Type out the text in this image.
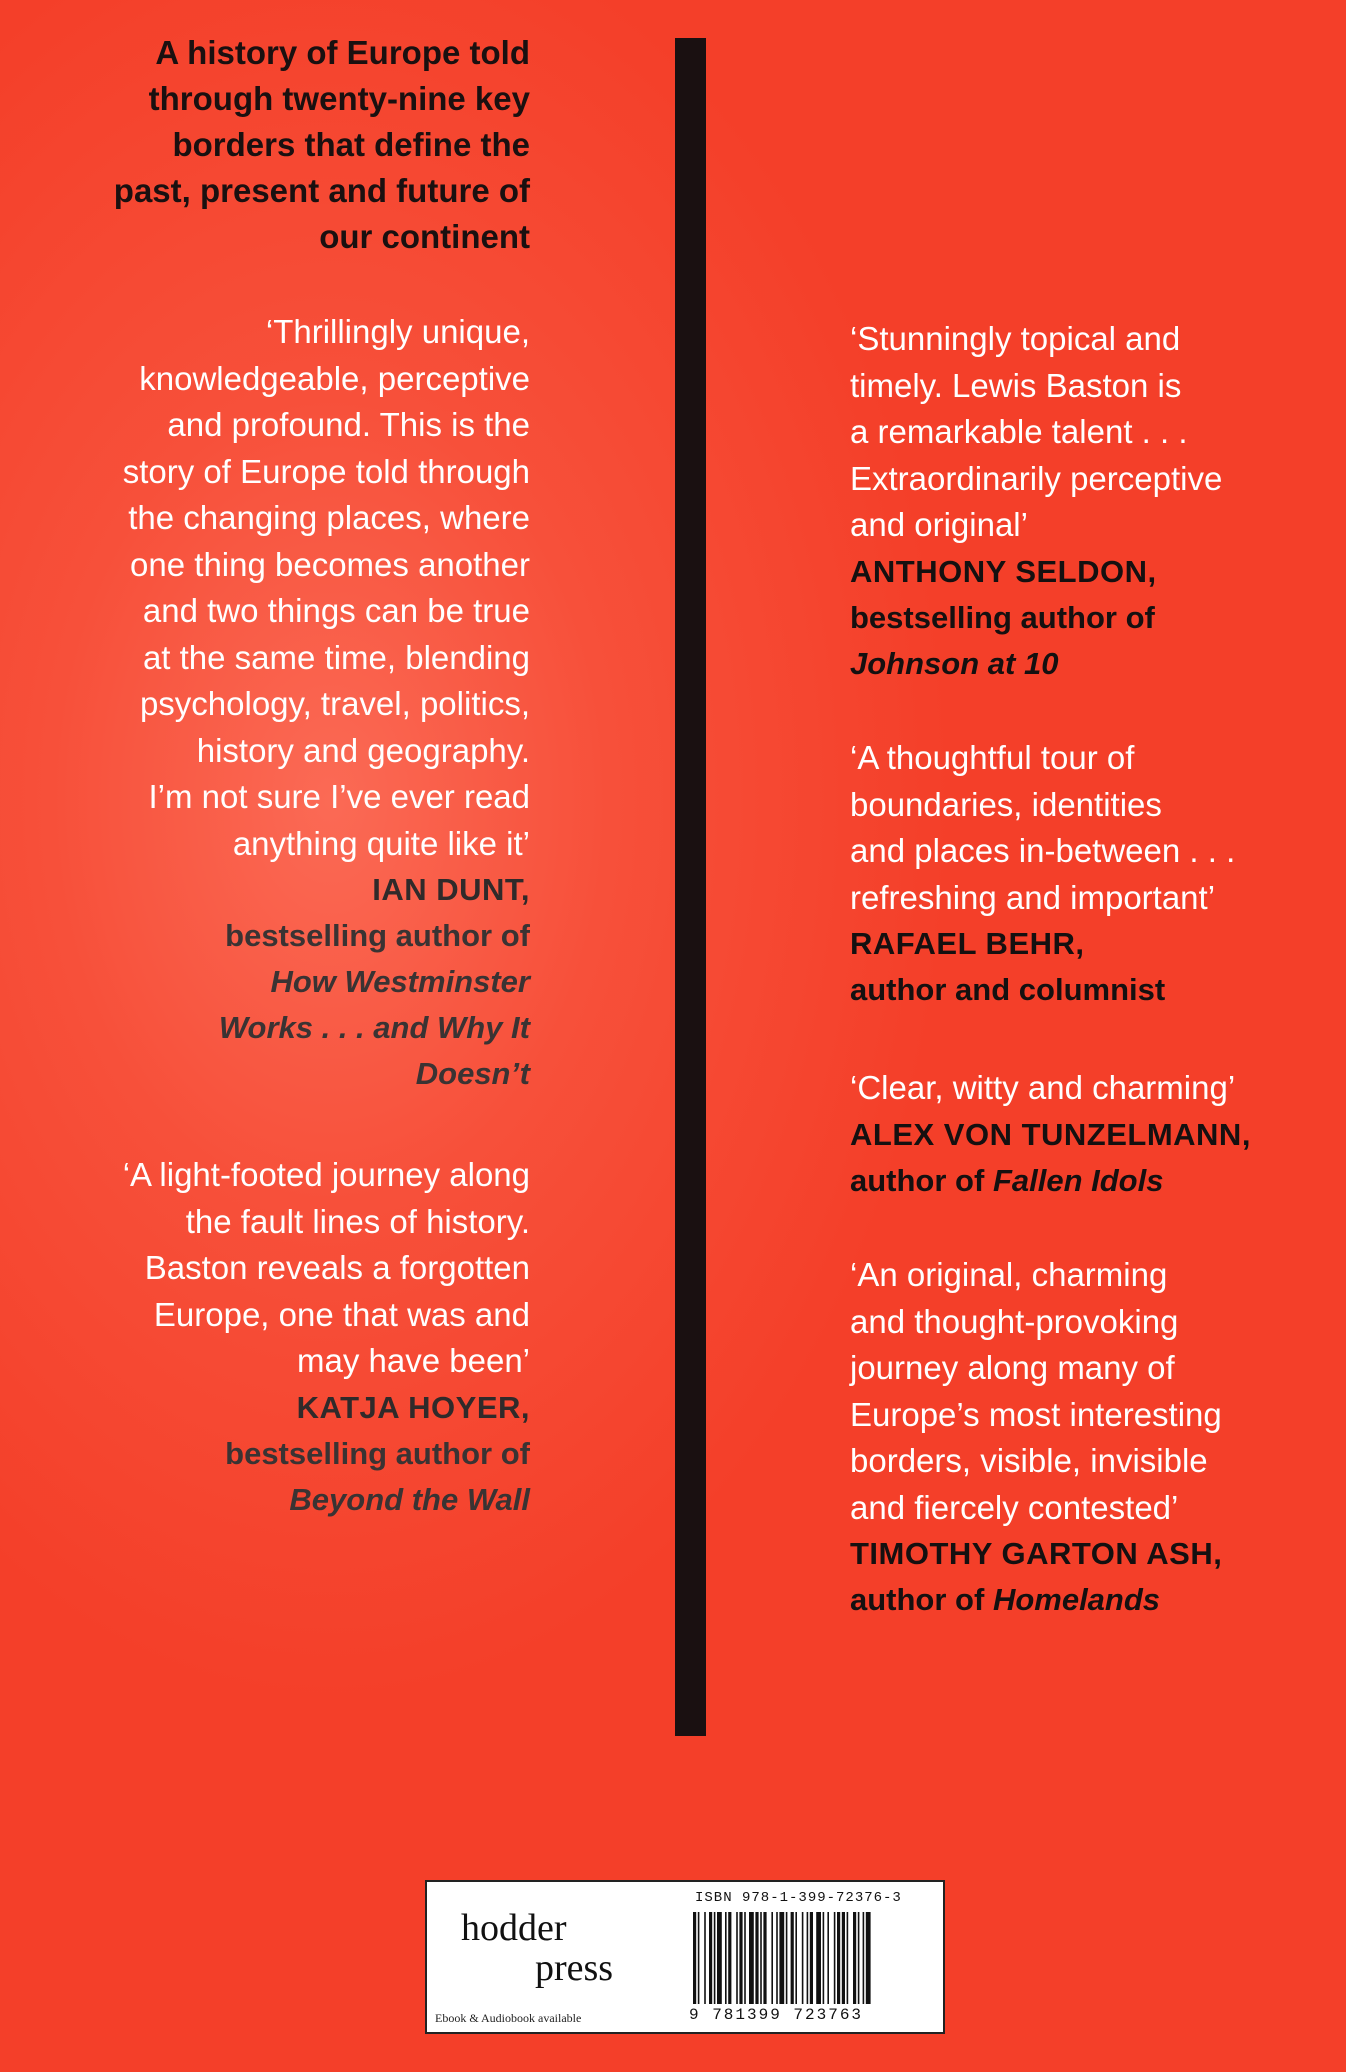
A history of Europe told
through twenty-nine key
borders that define the
past, present and future of
our continent
‘Thrillingly unique,
knowledgeable, perceptive
and profound. This is the
story of Europe told through
the changing places, where
one thing becomes another
and two things can be true
at the same time, blending
psychology, travel, politics,
history and geography.
I’m not sure I’ve ever read
anything quite like it’
IAN DUNT,
bestselling author of
How Westminster
Works . . . and Why It
Doesn’t
‘A light-footed journey along
the fault lines of history.
Baston reveals a forgotten
Europe, one that was and
may have been’
KATJA HOYER,
bestselling author of
Beyond the Wall
‘Stunningly topical and
timely. Lewis Baston is
a remarkable talent . . .
Extraordinarily perceptive
and original’
ANTHONY SELDON,
bestselling author of
Johnson at 10
‘A thoughtful tour of
boundaries, identities
and places in-between . . .
refreshing and important’
RAFAEL BEHR,
author and columnist
‘Clear, witty and charming’
ALEX VON TUNZELMANN,
author of Fallen Idols
‘An original, charming
and thought-provoking
journey along many of
Europe’s most interesting
borders, visible, invisible
and fiercely contested’
TIMOTHY GARTON ASH,
author of Homelands
hodder
press
Ebook & Audiobook available
ISBN 978-1-399-72376-3
9 781399 723763
